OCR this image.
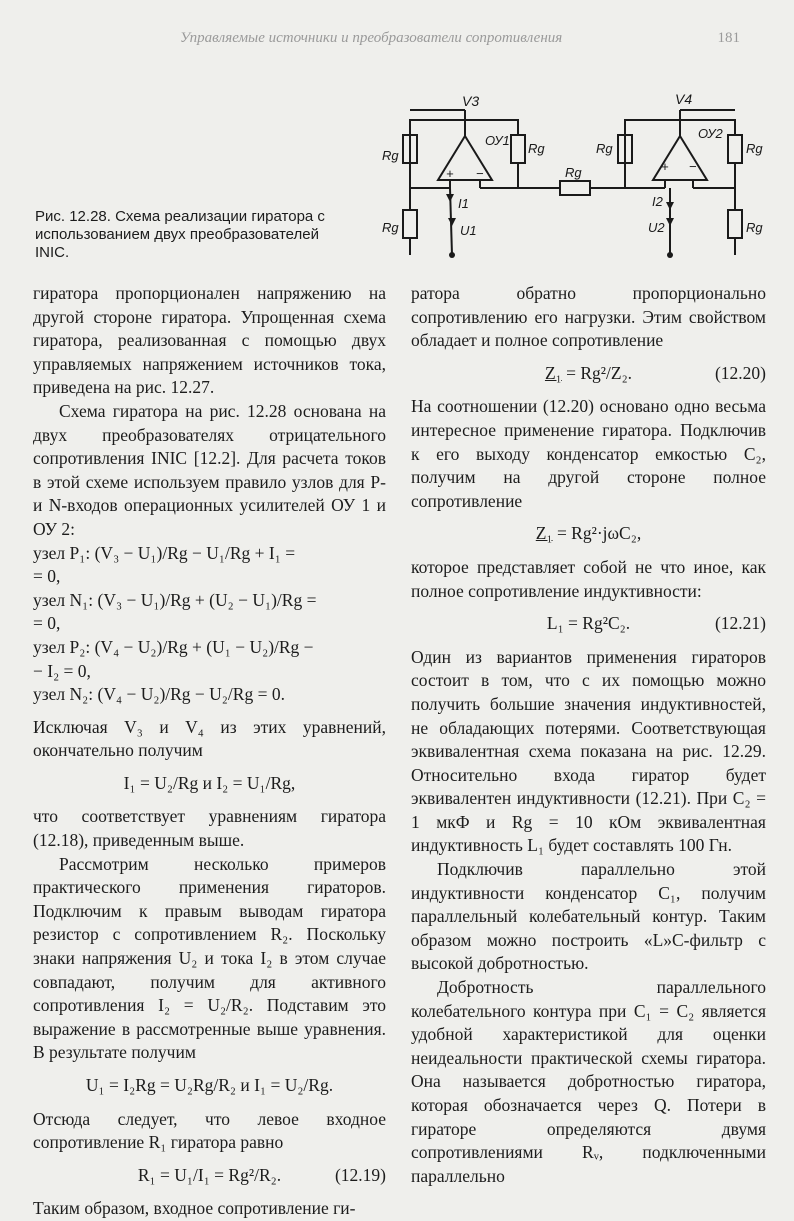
Управляемые источники и преобразователи сопротивления	181
Рис. 12.28. Схема реализации гиратора с использованием двух преобразователей INIC.
V3	V4
ОУ1	ОУ2
+ −	+ −
Rg	Rg
Rg
Rg	Rg
Rg	Rg
I1
U1
I2
U2

гиратора пропорционален напряжению на другой стороне гиратора. Упрощенная схема гиратора, реализованная с помощью двух управляемых напряжением источников тока, приведена на рис. 12.27.

Схема гиратора на рис. 12.28 основана на двух преобразователях отрицательного сопротивления INIC [12.2]. Для расчета токов в этой схеме используем правило узлов для P- и N-входов операционных усилителей ОУ 1 и ОУ 2:

узел P₁: (V₃ − U₁)/Rg − U₁/Rg + I₁ =

= 0,

узел N₁: (V₃ − U₁)/Rg + (U₂ − U₁)/Rg =

= 0,

узел P₂: (V₄ − U₂)/Rg + (U₁ − U₂)/Rg −

− I₂ = 0,

узел N₂: (V₄ − U₂)/Rg − U₂/Rg = 0.

Исключая V₃ и V₄ из этих уравнений, окончательно получим

I₁ = U₂/Rg и I₂ = U₁/Rg,

что соответствует уравнениям гиратора (12.18), приведенным выше.

Рассмотрим несколько примеров практического применения гираторов. Подключим к правым выводам гиратора резистор с сопротивлением R₂. Поскольку знаки напряжения U₂ и тока I₂ в этом случае совпадают, получим для активного сопротивления I₂ = U₂/R₂. Подставим это выражение в рассмотренные выше уравнения. В результате получим

U₁ = I₂Rg = U₂Rg/R₂ и I₁ = U₂/Rg.

Отсюда следует, что левое входное сопротивление R₁ гиратора равно

R₁ = U₁/I₁ = Rg²/R₂.	(12.19)

Таким образом, входное сопротивление ги-

ратора обратно пропорционально сопротивлению его нагрузки. Этим свойством обладает и полное сопротивление

Z₁ = Rg²/Z₂.	(12.20)

На соотношении (12.20) основано одно весьма интересное применение гиратора. Подключив к его выходу конденсатор емкостью C₂, получим на другой стороне полное сопротивление

Z₁ = Rg²·jωC₂,

которое представляет собой не что иное, как полное сопротивление индуктивности:

L₁ = Rg²C₂.	(12.21)

Один из вариантов применения гираторов состоит в том, что с их помощью можно получить большие значения индуктивностей, не обладающих потерями. Соответствующая эквивалентная схема показана на рис. 12.29. Относительно входа гиратор будет эквивалентен индуктивности (12.21). При C₂ = 1 мкФ и Rg = 10 кОм эквивалентная индуктивность L₁ будет составлять 100 Гн.

Подключив параллельно этой индуктивности конденсатор C₁, получим параллельный колебательный контур. Таким образом можно построить «L»C-фильтр с высокой добротностью.

Добротность параллельного колебательного контура при C₁ = C₂ является удобной характеристикой для оценки неидеальности практической схемы гиратора. Она называется добротностью гиратора, которая обозначается через Q. Потери в гираторе определяются двумя сопротивлениями Rᵥ, подключенными параллельно
